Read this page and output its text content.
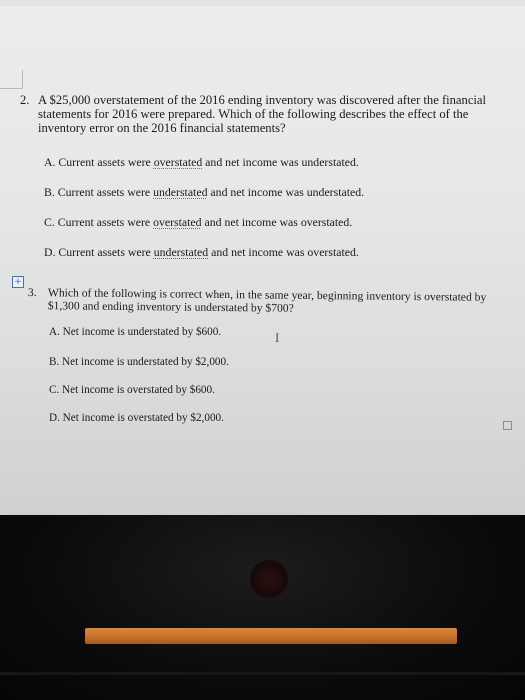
2. A $25,000 overstatement of the 2016 ending inventory was discovered after the financial statements for 2016 were prepared. Which of the following describes the effect of the inventory error on the 2016 financial statements?
A. Current assets were overstated and net income was understated.
B. Current assets were understated and net income was understated.
C. Current assets were overstated and net income was overstated.
D. Current assets were understated and net income was overstated.
+
3. Which of the following is correct when, in the same year, beginning inventory is overstated by $1,300 and ending inventory is understated by $700?
A. Net income is understated by $600.
B. Net income is understated by $2,000.
C. Net income is overstated by $600.
D. Net income is overstated by $2,000.
I
